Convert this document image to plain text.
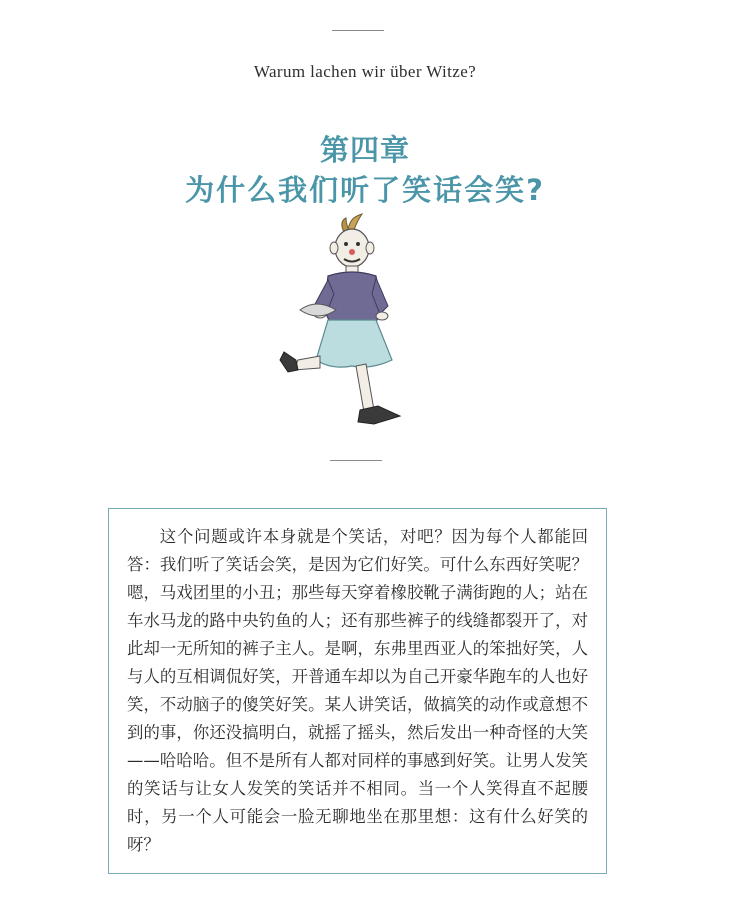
Warum lachen wir über Witze?
第四章
为什么我们听了笑话会笑?

这个问题或许本身就是个笑话，对吧？因为每个人都能回答：我们听了笑话会笑，是因为它们好笑。可什么东西好笑呢？嗯，马戏团里的小丑；那些每天穿着橡胶靴子满街跑的人；站在车水马龙的路中央钓鱼的人；还有那些裤子的线缝都裂开了，对此却一无所知的裤子主人。是啊，东弗里西亚人的笨拙好笑，人与人的互相调侃好笑，开普通车却以为自己开豪华跑车的人也好笑，不动脑子的傻笑好笑。某人讲笑话，做搞笑的动作或意想不到的事，你还没搞明白，就摇了摇头，然后发出一种奇怪的大笑——哈哈哈。但不是所有人都对同样的事感到好笑。让男人发笑的笑话与让女人发笑的笑话并不相同。当一个人笑得直不起腰时，另一个人可能会一脸无聊地坐在那里想：这有什么好笑的呀？
